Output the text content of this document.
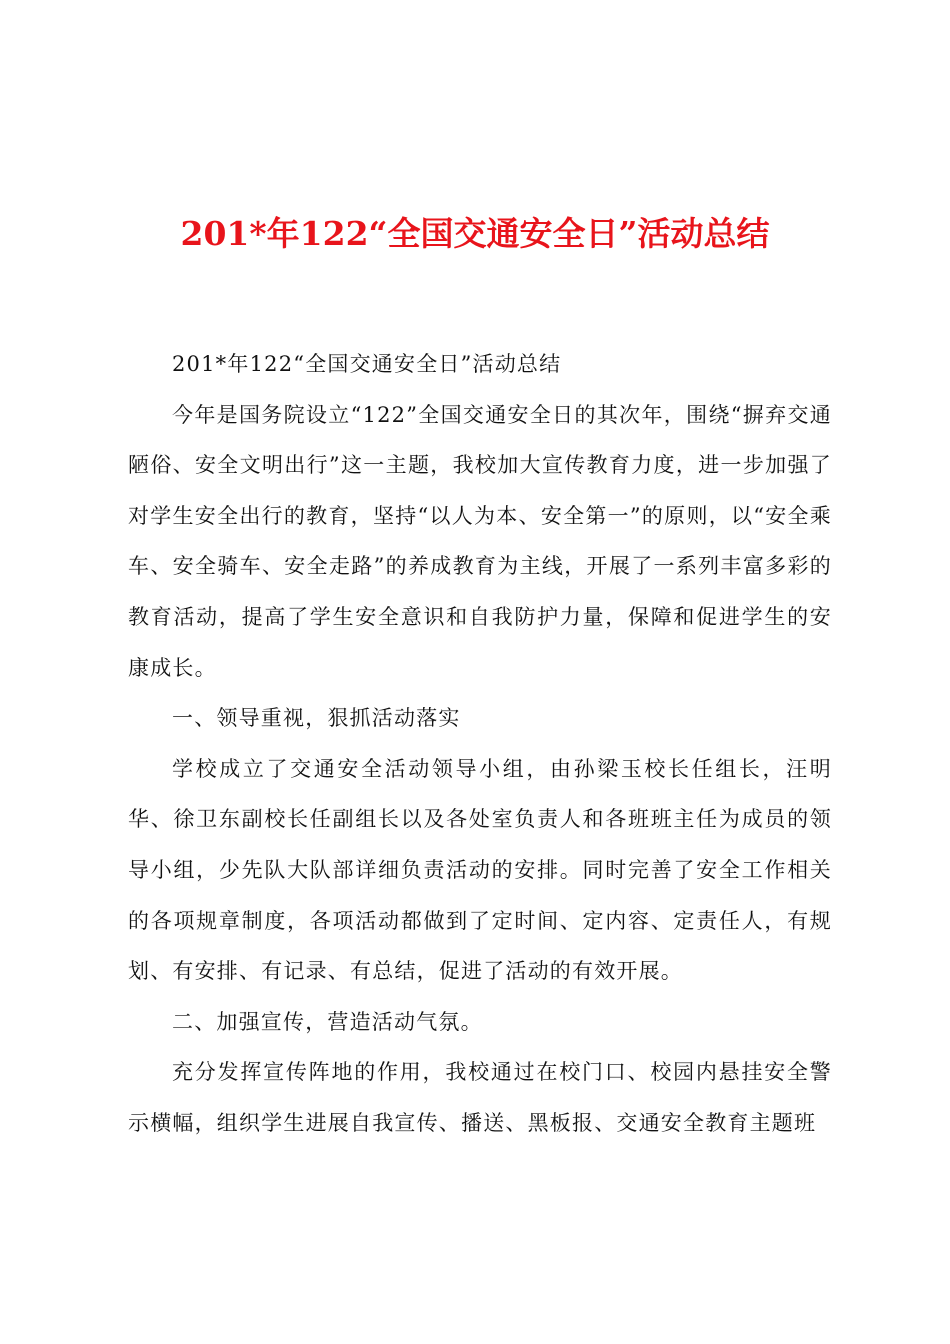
201*年122“全国交通安全日”活动总结

201*年122“全国交通安全日”活动总结

今年是国务院设立“122”全国交通安全日的其次年，围绕“摒弃交通陋俗、安全文明出行”这一主题，我校加大宣传教育力度，进一步加强了对学生安全出行的教育，坚持“以人为本、安全第一”的原则，以“安全乘车、安全骑车、安全走路”的养成教育为主线，开展了一系列丰富多彩的教育活动，提高了学生安全意识和自我防护力量，保障和促进学生的安康成长。

一、领导重视，狠抓活动落实

学校成立了交通安全活动领导小组，由孙梁玉校长任组长，汪明华、徐卫东副校长任副组长以及各处室负责人和各班班主任为成员的领导小组，少先队大队部详细负责活动的安排。同时完善了安全工作相关的各项规章制度，各项活动都做到了定时间、定内容、定责任人，有规划、有安排、有记录、有总结，促进了活动的有效开展。

二、加强宣传，营造活动气氛。

充分发挥宣传阵地的作用，我校通过在校门口、校园内悬挂安全警示横幅，组织学生进展自我宣传、播送、黑板报、交通安全教育主题班
